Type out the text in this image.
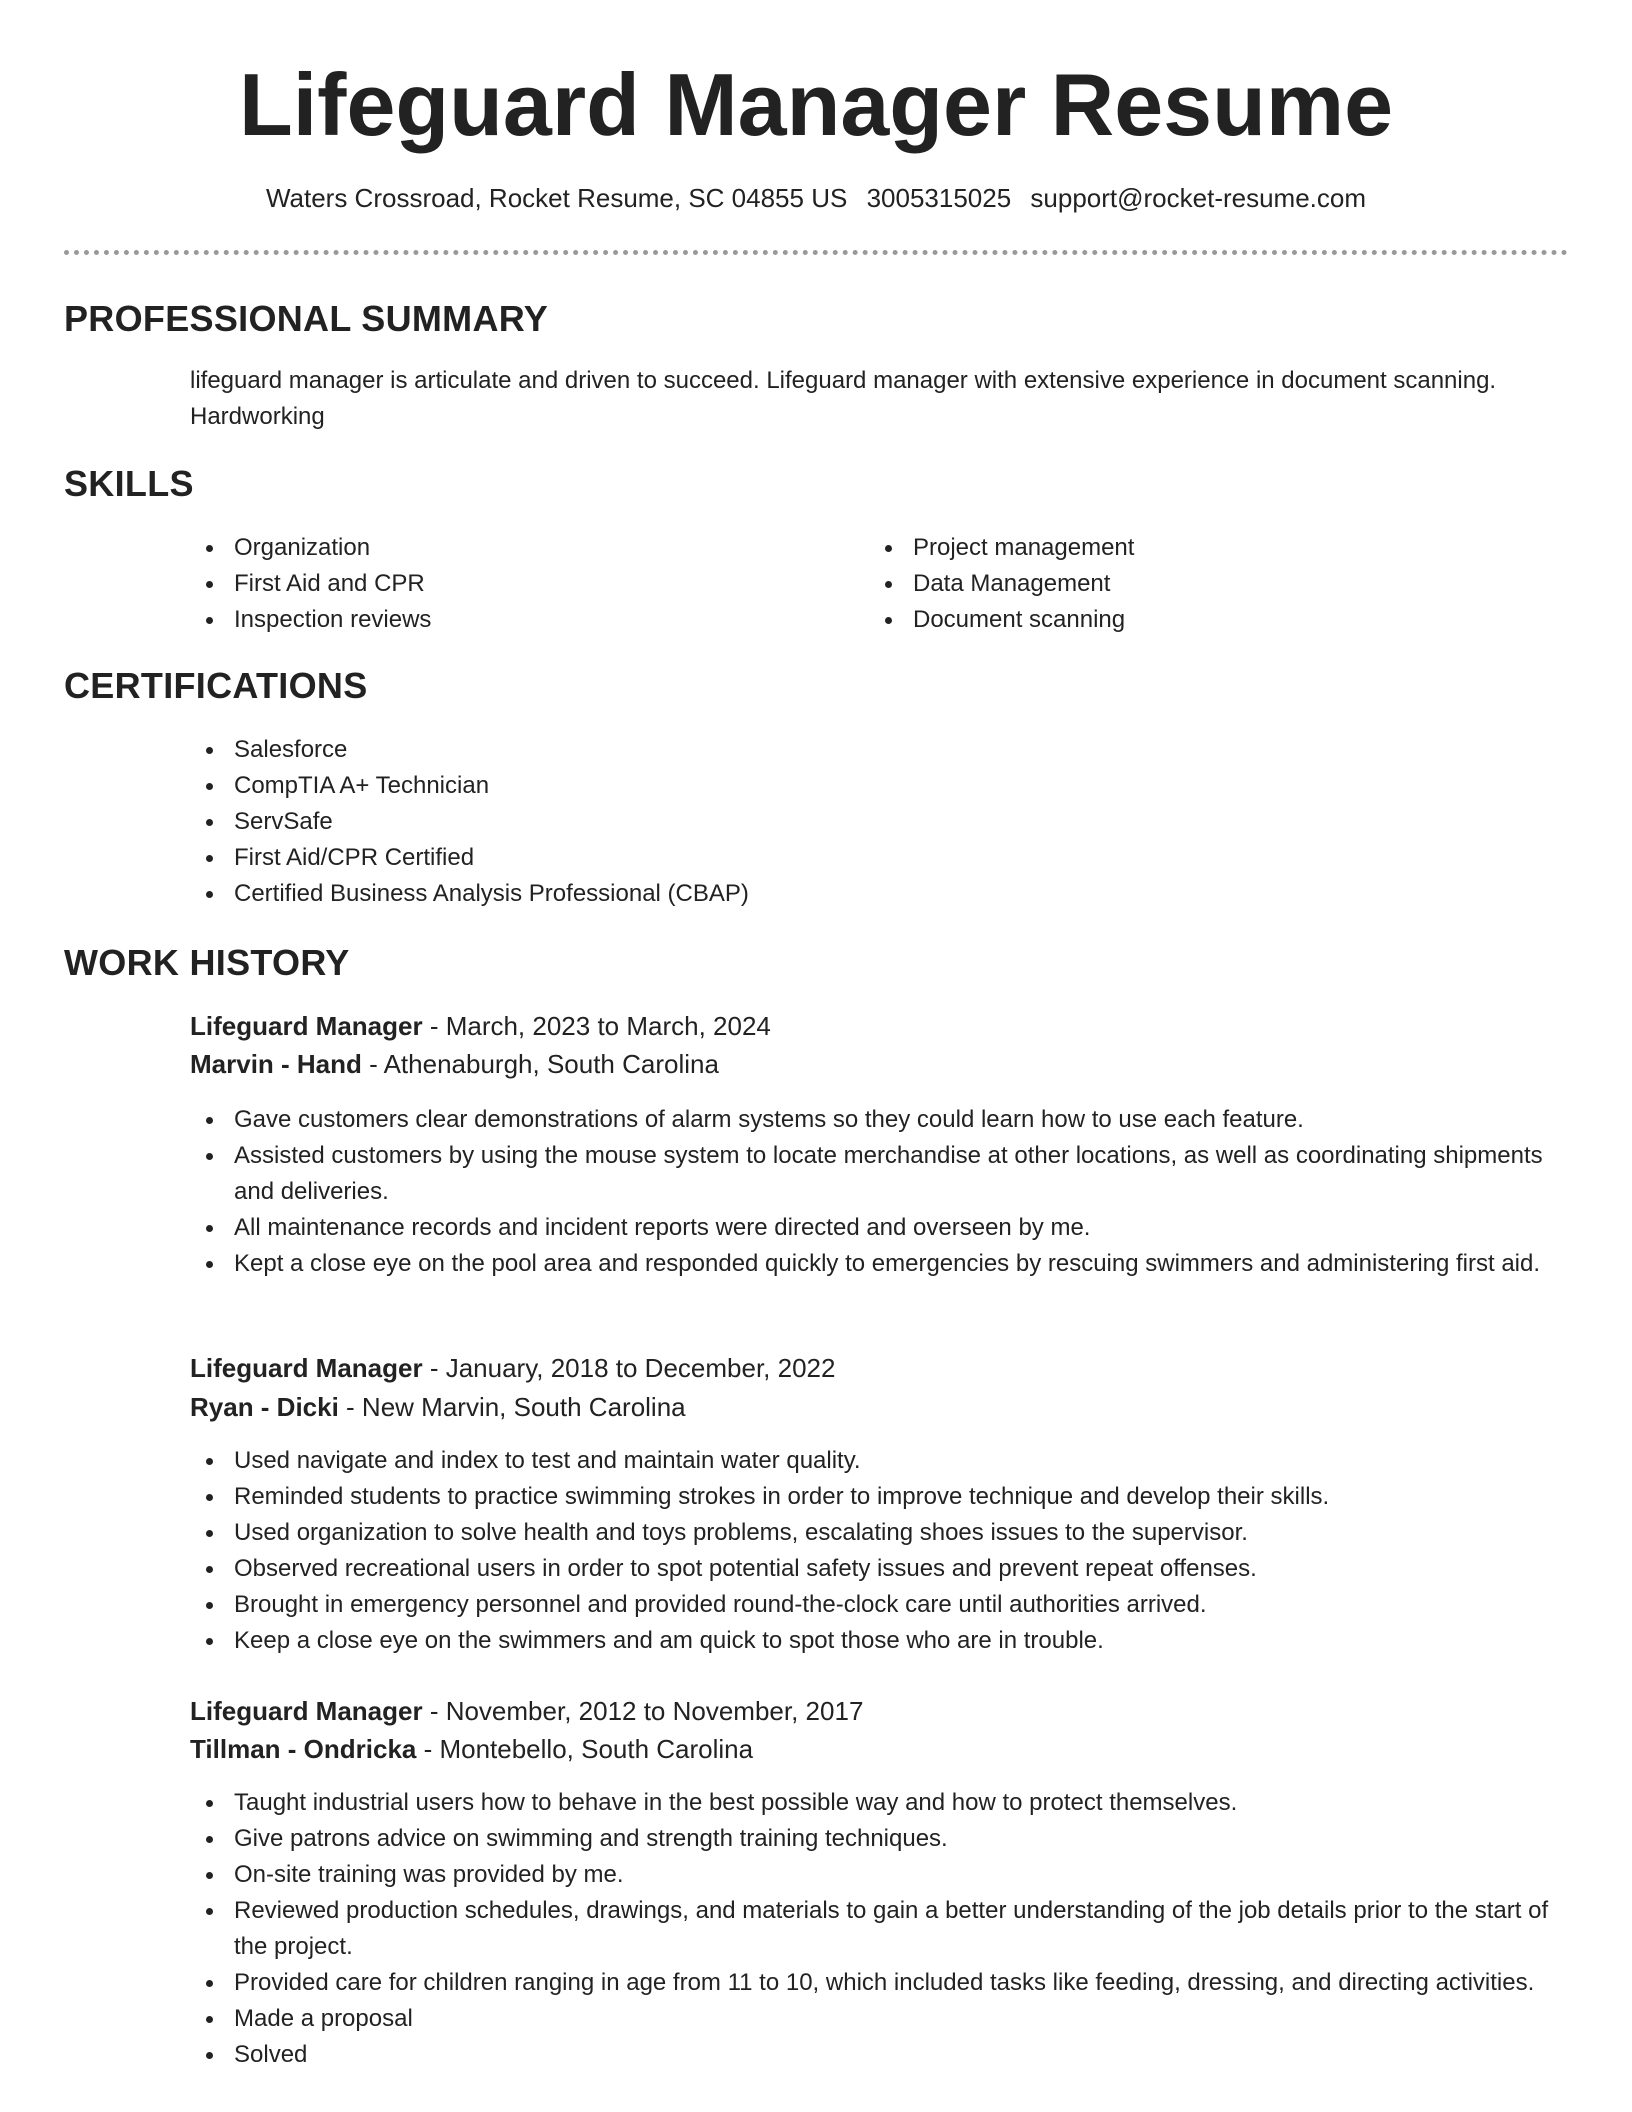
Lifeguard Manager Resume
Waters Crossroad, Rocket Resume, SC 04855 US 3005315025 support@rocket-resume.com
PROFESSIONAL SUMMARY
lifeguard manager is articulate and driven to succeed. Lifeguard manager with extensive experience in document scanning. Hardworking
SKILLS
Organization
First Aid and CPR
Inspection reviews
Project management
Data Management
Document scanning
CERTIFICATIONS
Salesforce
CompTIA A+ Technician
ServSafe
First Aid/CPR Certified
Certified Business Analysis Professional (CBAP)
WORK HISTORY
Lifeguard Manager - March, 2023 to March, 2024
Marvin - Hand - Athenaburgh, South Carolina
Gave customers clear demonstrations of alarm systems so they could learn how to use each feature.
Assisted customers by using the mouse system to locate merchandise at other locations, as well as coordinating shipments and deliveries.
All maintenance records and incident reports were directed and overseen by me.
Kept a close eye on the pool area and responded quickly to emergencies by rescuing swimmers and administering first aid.
Lifeguard Manager - January, 2018 to December, 2022
Ryan - Dicki - New Marvin, South Carolina
Used navigate and index to test and maintain water quality.
Reminded students to practice swimming strokes in order to improve technique and develop their skills.
Used organization to solve health and toys problems, escalating shoes issues to the supervisor.
Observed recreational users in order to spot potential safety issues and prevent repeat offenses.
Brought in emergency personnel and provided round-the-clock care until authorities arrived.
Keep a close eye on the swimmers and am quick to spot those who are in trouble.
Lifeguard Manager - November, 2012 to November, 2017
Tillman - Ondricka - Montebello, South Carolina
Taught industrial users how to behave in the best possible way and how to protect themselves.
Give patrons advice on swimming and strength training techniques.
On-site training was provided by me.
Reviewed production schedules, drawings, and materials to gain a better understanding of the job details prior to the start of the project.
Provided care for children ranging in age from 11 to 10, which included tasks like feeding, dressing, and directing activities.
Made a proposal
Solved
